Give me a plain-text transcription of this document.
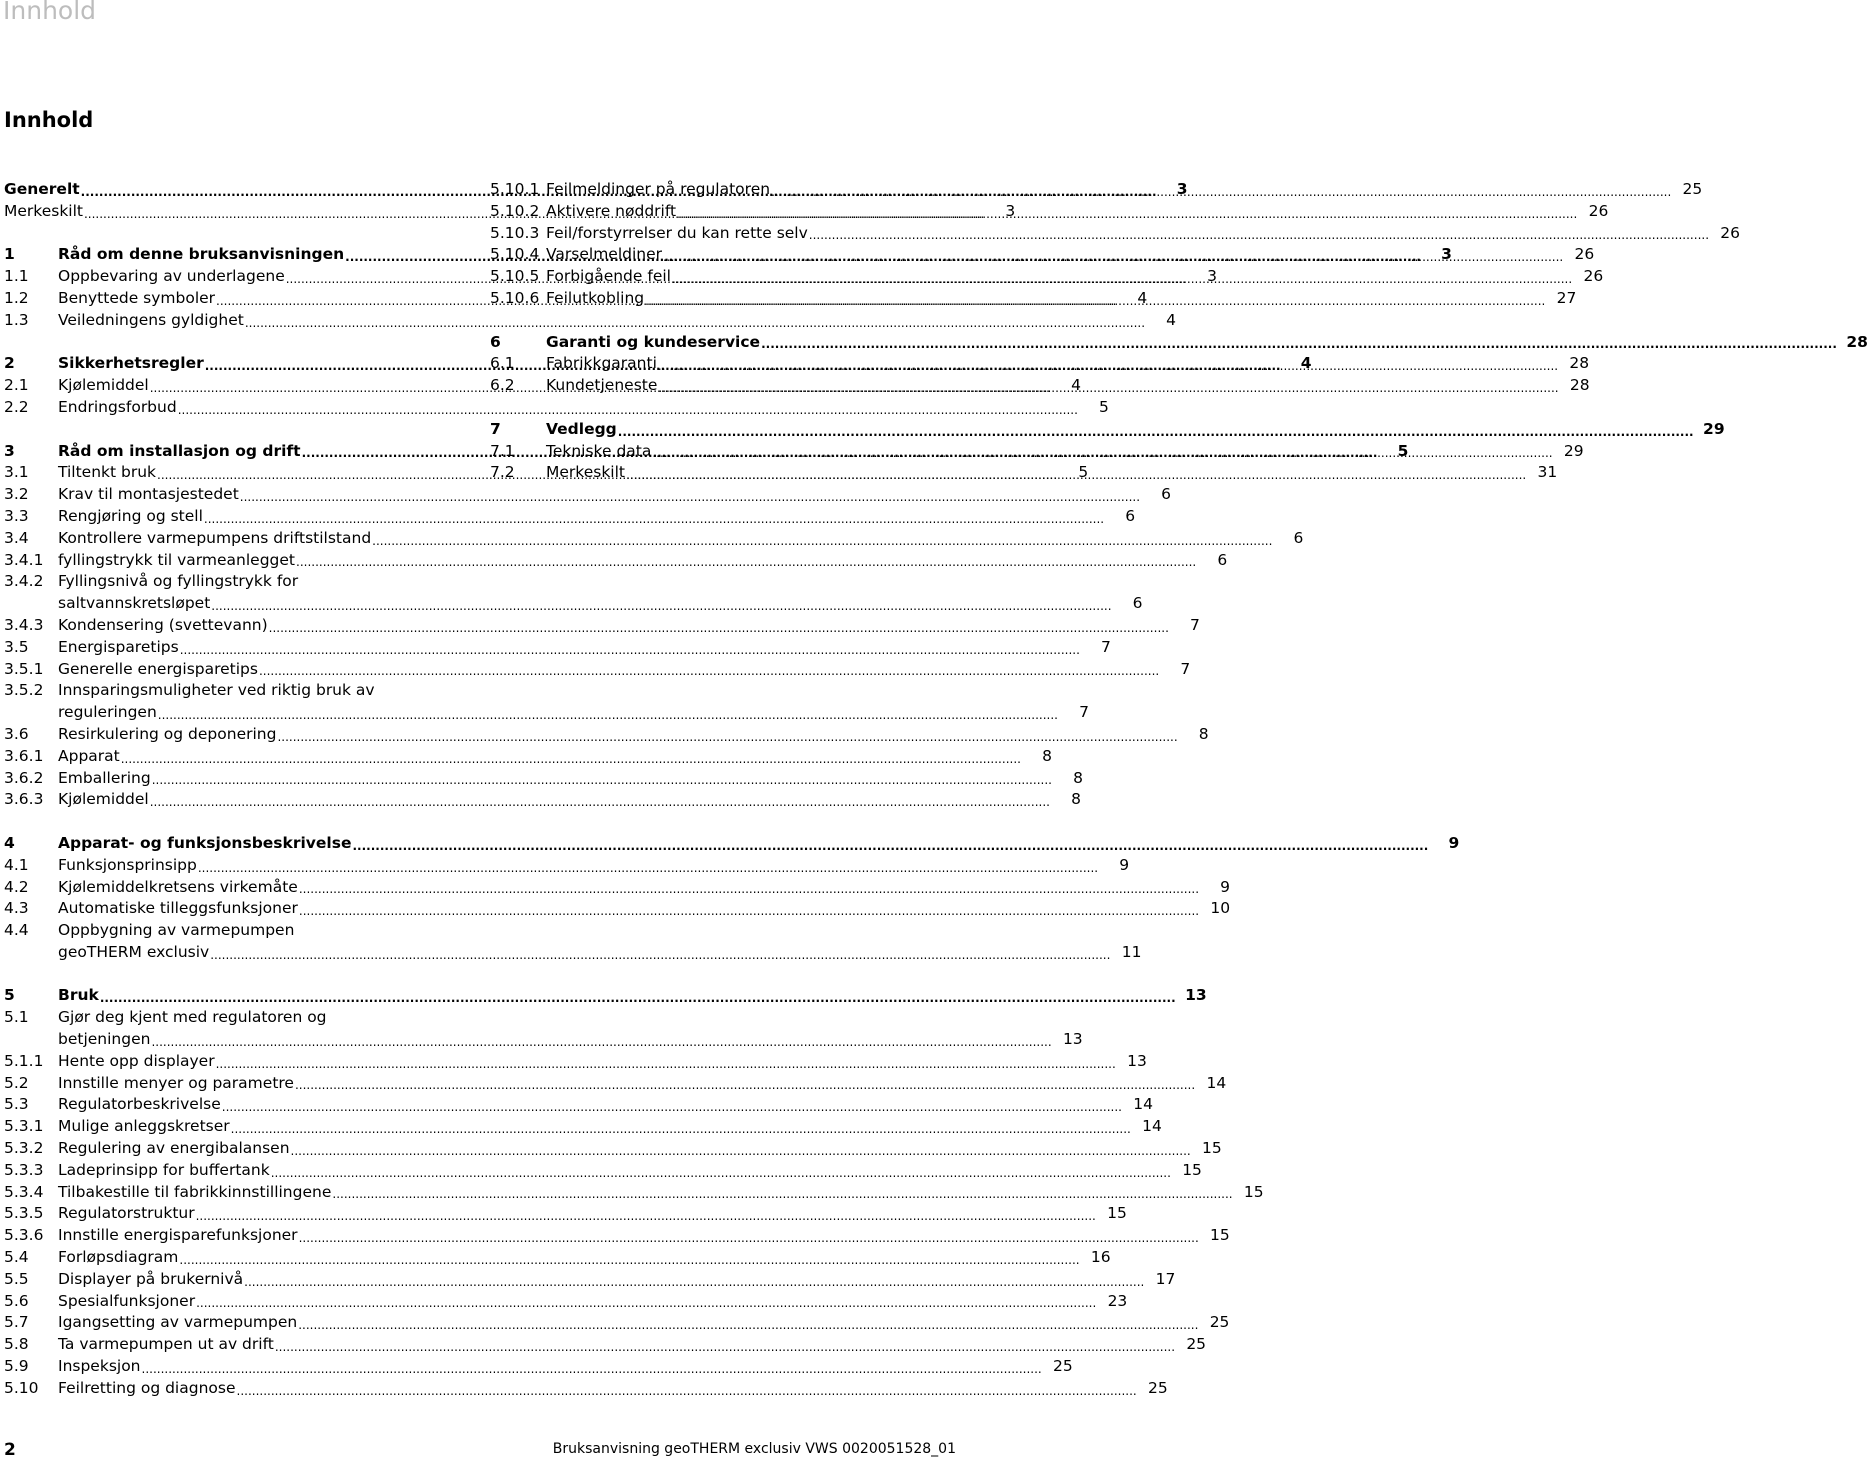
Innhold
Innhold
Generelt .....	3
Merkeskilt .....	3
1	Råd om denne bruksanvisningen .....	3
1.1	Oppbevaring av underlagene .....	3
1.2	Benyttede symboler .....	4
1.3	Veiledningens gyldighet .....	4
2	Sikkerhetsregler .....	4
2.1	Kjølemiddel .....	4
2.2	Endringsforbud .....	5
3	Råd om installasjon og drift .....	5
3.1	Tiltenkt bruk .....	5
3.2	Krav til montasjestedet .....	6
3.3	Rengjøring og stell .....	6
3.4	Kontrollere varmepumpens driftstilstand .....	6
3.4.1 fyllingstrykk til varmeanlegget .....	6
3.4.2 Fyllingsnivå og fyllingstrykk for
saltvannskretsløpet .....	6
3.4.3 Kondensering (svettevann) .....	7
3.5	Energisparetips .....	7
3.5.1 Generelle energisparetips .....	7
3.5.2 Innsparingsmuligheter ved riktig bruk av
reguleringen .....	7
3.6	Resirkulering og deponering .....	8
3.6.1 Apparat .....	8
3.6.2 Emballering .....	8
3.6.3 Kjølemiddel .....	8
4	Apparat- og funksjonsbeskrivelse .....	9
4.1	Funksjonsprinsipp .....	9
4.2	Kjølemiddelkretsens virkemåte .....	9
4.3	Automatiske tilleggsfunksjoner .....	10
4.4	Oppbygning av varmepumpen
geoTHERM exclusiv .....	11
5	Bruk .....	13
5.1	Gjør deg kjent med regulatoren og
betjeningen .....	13
5.1.1 Hente opp displayer .....	13
5.2	Innstille menyer og parametre .....	14
5.3	Regulatorbeskrivelse .....	14
5.3.1 Mulige anleggskretser .....	14
5.3.2 Regulering av energibalansen .....	15
5.3.3 Ladeprinsipp for buffertank .....	15
5.3.4 Tilbakestille til fabrikkinnstillingene .....	15
5.3.5 Regulatorstruktur .....	15
5.3.6 Innstille energisparefunksjoner .....	15
5.4	Forløpsdiagram .....	16
5.5	Displayer på brukernivå .....	17
5.6	Spesialfunksjoner .....	23
5.7	Igangsetting av varmepumpen .....	25
5.8	Ta varmepumpen ut av drift .....	25
5.9	Inspeksjon .....	25
5.10	Feilretting og diagnose .....	25
5.10.1 Feilmeldinger på regulatoren .....	25
5.10.2 Aktivere nøddrift .....	26
5.10.3 Feil/forstyrrelser du kan rette selv .....	26
5.10.4 Varselmeldiner .....	26
5.10.5 Forbigående feil .....	26
5.10.6 Feilutkobling .....	27
6	Garanti og kundeservice .....	28
6.1	Fabrikkgaranti .....	28
6.2	Kundetjeneste .....	28
7	Vedlegg .....	29
7.1	Tekniske data .....	29
7.2	Merkeskilt .....	31
2	Bruksanvisning geoTHERM exclusiv VWS 0020051528_01
